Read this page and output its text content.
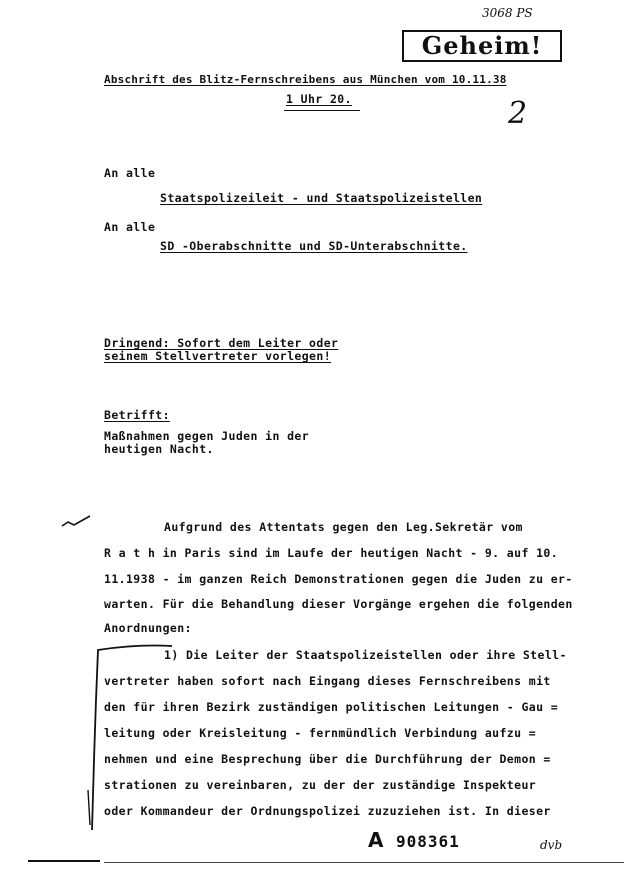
3068 PS
Geheim!
Abschrift des Blitz-Fernschreibens aus München vom 10.11.38
1 Uhr 20.	2
An alle
Staatspolizeileit - und Staatspolizeistellen
An alle
SD -Oberabschnitte und SD-Unterabschnitte.
Dringend: Sofort dem Leiter oder
seinem Stellvertreter vorlegen!
Betrifft:
Maßnahmen gegen Juden in der
heutigen Nacht.
Aufgrund des Attentats gegen den Leg.Sekretär vom
R a t h in Paris sind im Laufe der heutigen Nacht - 9. auf 10.
11.1938 - im ganzen Reich Demonstrationen gegen die Juden zu er-
warten. Für die Behandlung dieser Vorgänge ergehen die folgenden
Anordnungen:
1) Die Leiter der Staatspolizeistellen oder ihre Stell-
vertreter haben sofort nach Eingang dieses Fernschreibens mit
den für ihren Bezirk zuständigen politischen Leitungen - Gau =
leitung oder Kreisleitung - fernmündlich Verbindung aufzu =
nehmen und eine Besprechung über die Durchführung der Demon =
strationen zu vereinbaren, zu der der zuständige Inspekteur
oder Kommandeur der Ordnungspolizei zuzuziehen ist. In dieser
A 908361	dvb
